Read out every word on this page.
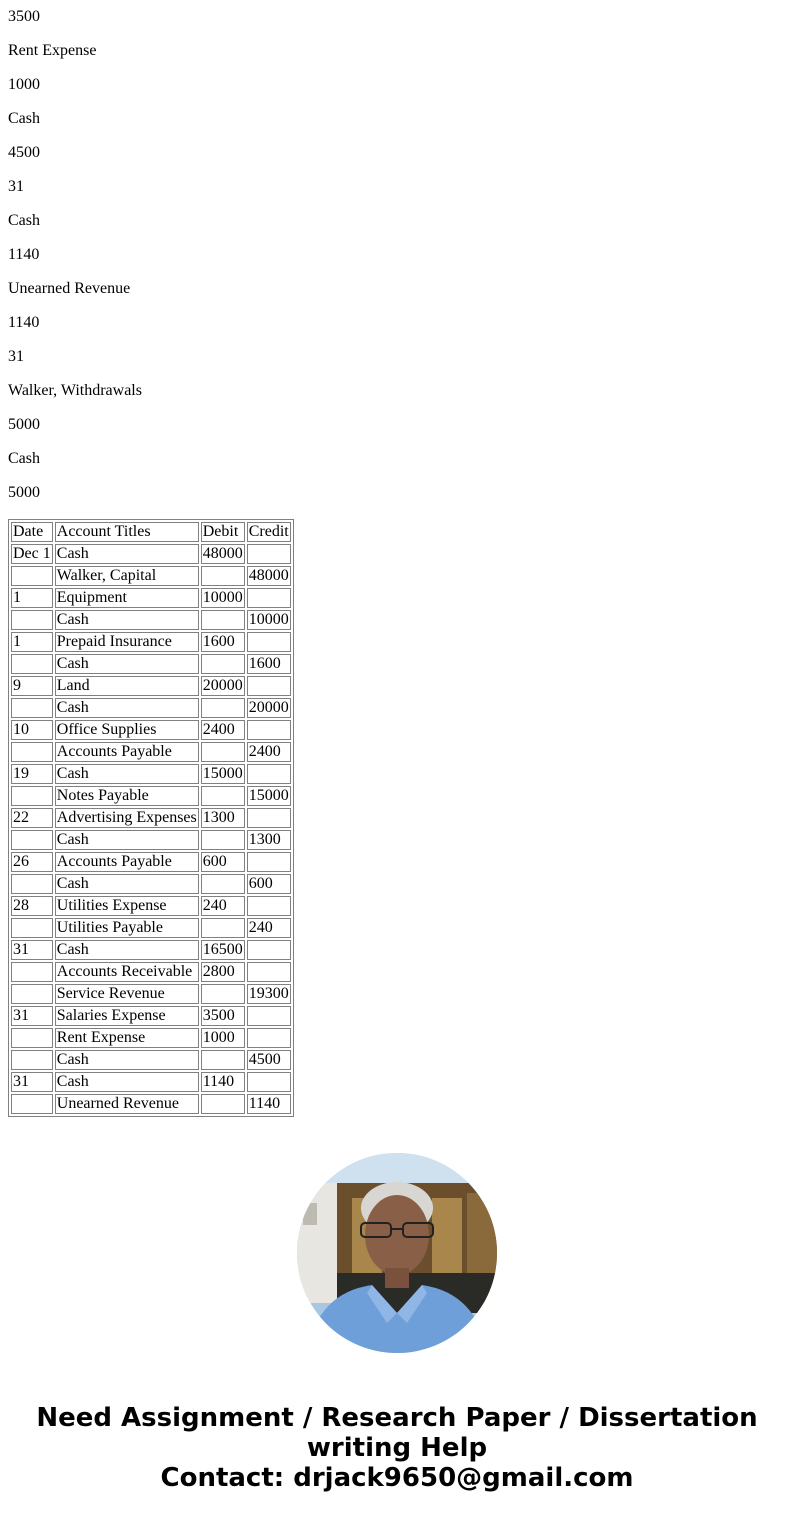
3500

Rent Expense

1000

Cash

4500

31

Cash

1140

Unearned Revenue

1140

31

Walker, Withdrawals

5000

Cash

5000

Date	Account Titles	Debit	Credit
Dec 1	Cash	48000	
	Walker, Capital		48000
1	Equipment	10000	
	Cash		10000
1	Prepaid Insurance	1600	
	Cash		1600
9	Land	20000	
	Cash		20000
10	Office Supplies	2400	
	Accounts Payable		2400
19	Cash	15000	
	Notes Payable		15000
22	Advertising Expenses	1300	
	Cash		1300
26	Accounts Payable	600	
	Cash		600
28	Utilities Expense	240	
	Utilities Payable		240
31	Cash	16500	
	Accounts Receivable	2800	
	Service Revenue		19300
31	Salaries Expense	3500	
	Rent Expense	1000	
	Cash		4500
31	Cash	1140	
	Unearned Revenue		1140
Need Assignment / Research Paper / Dissertation
writing Help
Contact: drjack9650@gmail.com
